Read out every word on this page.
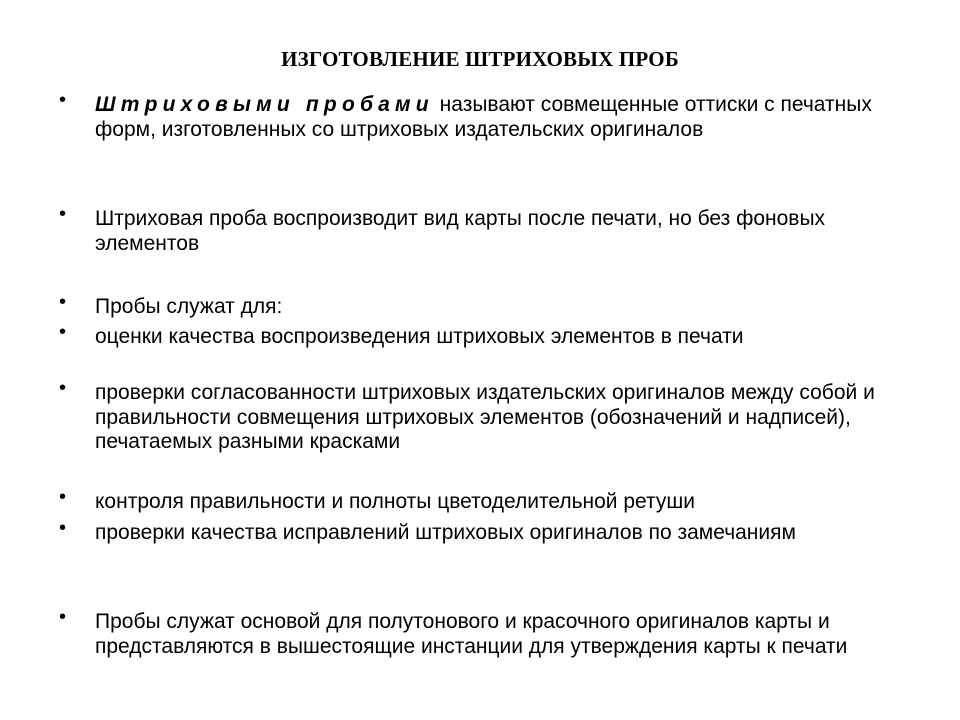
ИЗГОТОВЛЕНИЕ ШТРИХОВЫХ ПРОБ
• Штриховыми пробами называют совмещенные оттиски с печатных форм, изготовленных со штриховых издательских оригиналов
• Штриховая проба воспроизводит вид карты после печати, но без фоновых элементов
• Пробы служат для:
• оценки качества воспроизведения штриховых элементов в печати
• проверки согласованности штриховых издательских оригиналов между собой и правильности совмещения штриховых элементов (обозначений и надписей), печатаемых разными красками
• контроля правильности и полноты цветоделительной ретуши
• проверки качества исправлений штриховых оригиналов по замечаниям
• Пробы служат основой для полутонового и красочного оригиналов карты и представляются в вышестоящие инстанции для утверждения карты к печати
